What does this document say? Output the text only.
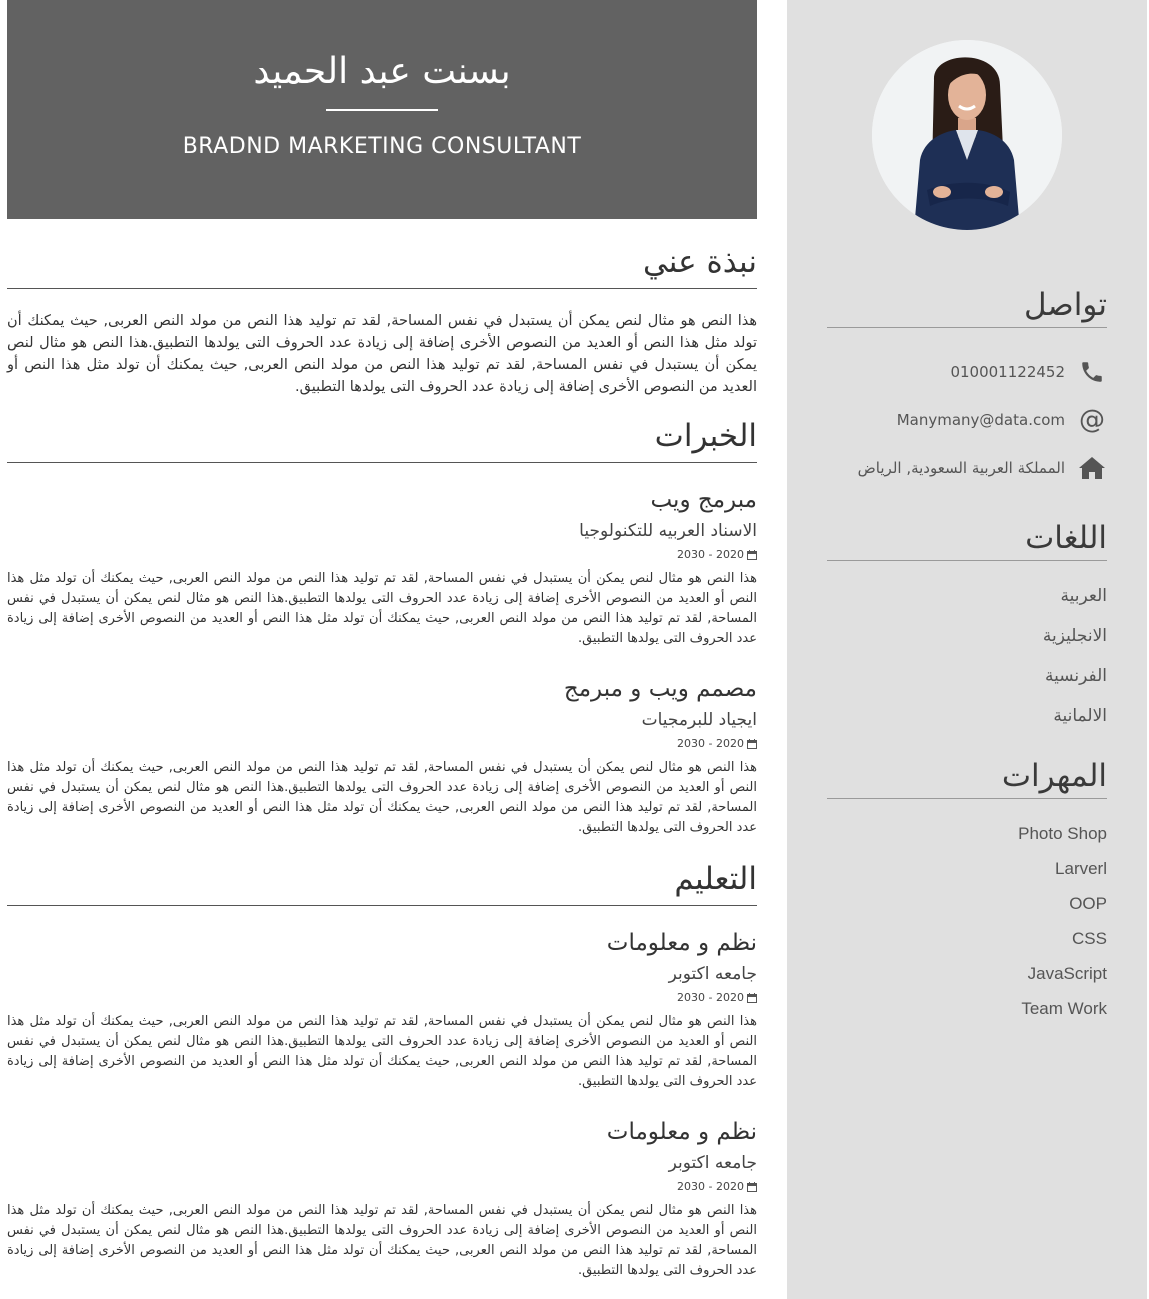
تواصل
010001122452
@
Manymany@data.com
المملكة العربية السعودية, الرياض
اللغات
العربية
الانجليزية
الفرنسية
الالمانية
المهرات
Photo Shop
Larverl
OOP
CSS
JavaScript
Team Work
بسنت عبد الحميد
BRADND MARKETING CONSULTANT
نبذة عني
هذا النص هو مثال لنص يمكن أن يستبدل في نفس المساحة, لقد تم توليد هذا النص من مولد النص العربى, حيث يمكنك أن تولد مثل هذا النص أو العديد من النصوص الأخرى إضافة إلى زيادة عدد الحروف التى يولدها التطبيق.هذا النص هو مثال لنص يمكن أن يستبدل في نفس المساحة, لقد تم توليد هذا النص من مولد النص العربى, حيث يمكنك أن تولد مثل هذا النص أو العديد من النصوص الأخرى إضافة إلى زيادة عدد الحروف التى يولدها التطبيق.
الخبرات
مبرمج ويب
الاسناد العربيه للتكنولوجيا
2020 - 2030
هذا النص هو مثال لنص يمكن أن يستبدل في نفس المساحة, لقد تم توليد هذا النص من مولد النص العربى, حيث يمكنك أن تولد مثل هذا النص أو العديد من النصوص الأخرى إضافة إلى زيادة عدد الحروف التى يولدها التطبيق.هذا النص هو مثال لنص يمكن أن يستبدل في نفس المساحة, لقد تم توليد هذا النص من مولد النص العربى, حيث يمكنك أن تولد مثل هذا النص أو العديد من النصوص الأخرى إضافة إلى زيادة عدد الحروف التى يولدها التطبيق.
مصمم ويب و مبرمج
ايجياد للبرمجيات
2020 - 2030
هذا النص هو مثال لنص يمكن أن يستبدل في نفس المساحة, لقد تم توليد هذا النص من مولد النص العربى, حيث يمكنك أن تولد مثل هذا النص أو العديد من النصوص الأخرى إضافة إلى زيادة عدد الحروف التى يولدها التطبيق.هذا النص هو مثال لنص يمكن أن يستبدل في نفس المساحة, لقد تم توليد هذا النص من مولد النص العربى, حيث يمكنك أن تولد مثل هذا النص أو العديد من النصوص الأخرى إضافة إلى زيادة عدد الحروف التى يولدها التطبيق.
التعليم
نظم و معلومات
جامعه اكتوبر
2020 - 2030
هذا النص هو مثال لنص يمكن أن يستبدل في نفس المساحة, لقد تم توليد هذا النص من مولد النص العربى, حيث يمكنك أن تولد مثل هذا النص أو العديد من النصوص الأخرى إضافة إلى زيادة عدد الحروف التى يولدها التطبيق.هذا النص هو مثال لنص يمكن أن يستبدل في نفس المساحة, لقد تم توليد هذا النص من مولد النص العربى, حيث يمكنك أن تولد مثل هذا النص أو العديد من النصوص الأخرى إضافة إلى زيادة عدد الحروف التى يولدها التطبيق.
نظم و معلومات
جامعه اكتوبر
2020 - 2030
هذا النص هو مثال لنص يمكن أن يستبدل في نفس المساحة, لقد تم توليد هذا النص من مولد النص العربى, حيث يمكنك أن تولد مثل هذا النص أو العديد من النصوص الأخرى إضافة إلى زيادة عدد الحروف التى يولدها التطبيق.هذا النص هو مثال لنص يمكن أن يستبدل في نفس المساحة, لقد تم توليد هذا النص من مولد النص العربى, حيث يمكنك أن تولد مثل هذا النص أو العديد من النصوص الأخرى إضافة إلى زيادة عدد الحروف التى يولدها التطبيق.
